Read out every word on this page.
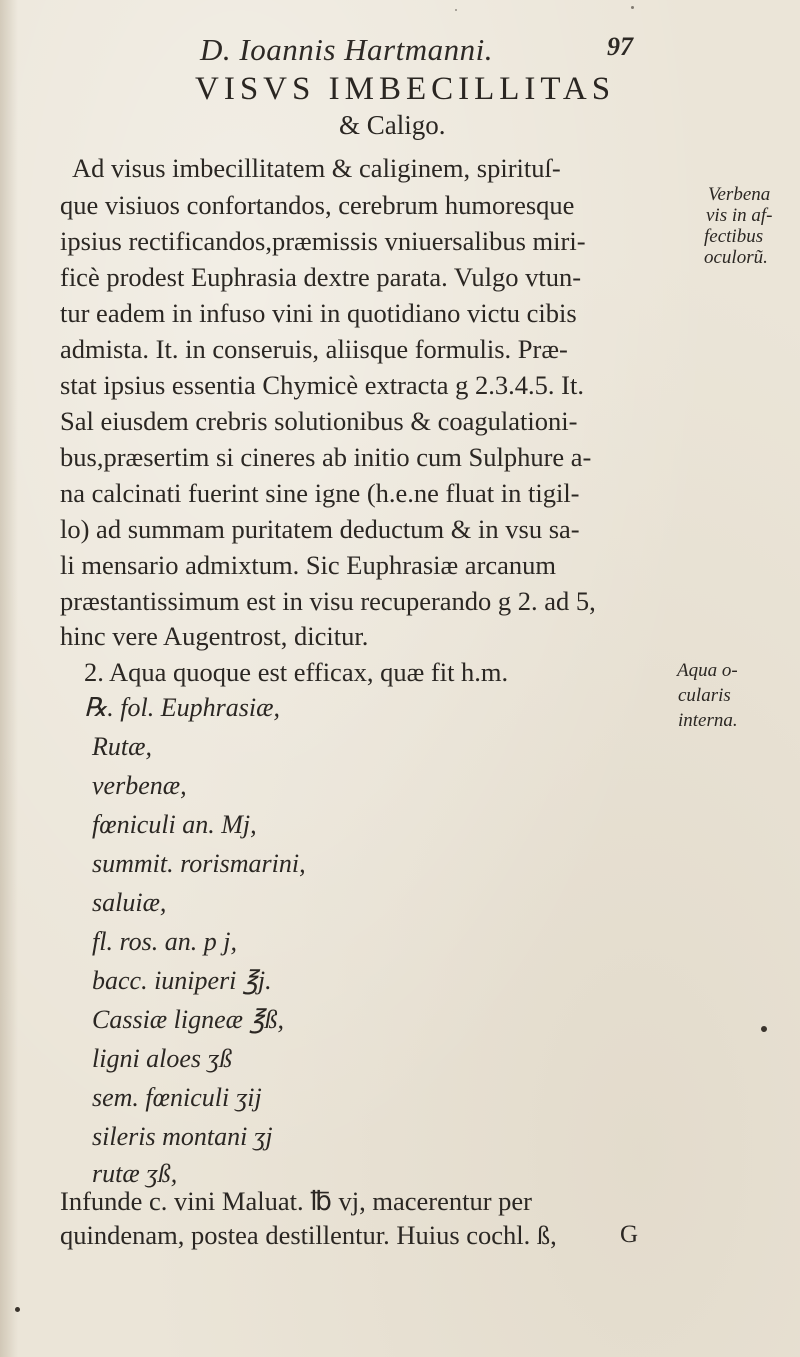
D. Ioannis Hartmanni.	97
VISVS IMBECILLITAS
& Caligo.
Ad visus imbecillitatem & caliginem, spirituſ-
que visiuos confortandos, cerebrum humoresque
ipsius rectificandos,præmissis vniuersalibus miri-
ficè prodest Euphrasia dextre parata. Vulgo vtun-
tur eadem in infuso vini in quotidiano victu cibis
admista. It. in conseruis, aliisque formulis. Præ-
stat ipsius essentia Chymicè extracta g 2.3.4.5. It.
Sal eiusdem crebris solutionibus & coagulationi-
bus,præsertim si cineres ab initio cum Sulphure a-
na calcinati fuerint sine igne (h.e.ne fluat in tigil-
lo) ad summam puritatem deductum & in vsu sa-
li mensario admixtum. Sic Euphrasiæ arcanum
præstantissimum est in visu recuperando g 2. ad 5,
hinc vere Augentrost, dicitur.
2. Aqua quoque est efficax, quæ fit h.m.
Verbena
vis in af-
fectibus
oculorũ.
Aqua o-
cularis
interna.
℞. fol. Euphrasiæ,
Rutæ,
verbenæ,
fœniculi an. Mj,
summit. rorismarini,
saluiæ,
fl. ros. an. p j,
bacc. iuniperi ℥j.
Cassiæ ligneæ ℥ß,
ligni aloes ʒß
sem. fœniculi ʒij
sileris montani ʒj
rutæ ʒß,
Infunde c. vini Maluat. ℔ vj, macerentur per
quindenam, postea destillentur. Huius cochl. ß,	G
